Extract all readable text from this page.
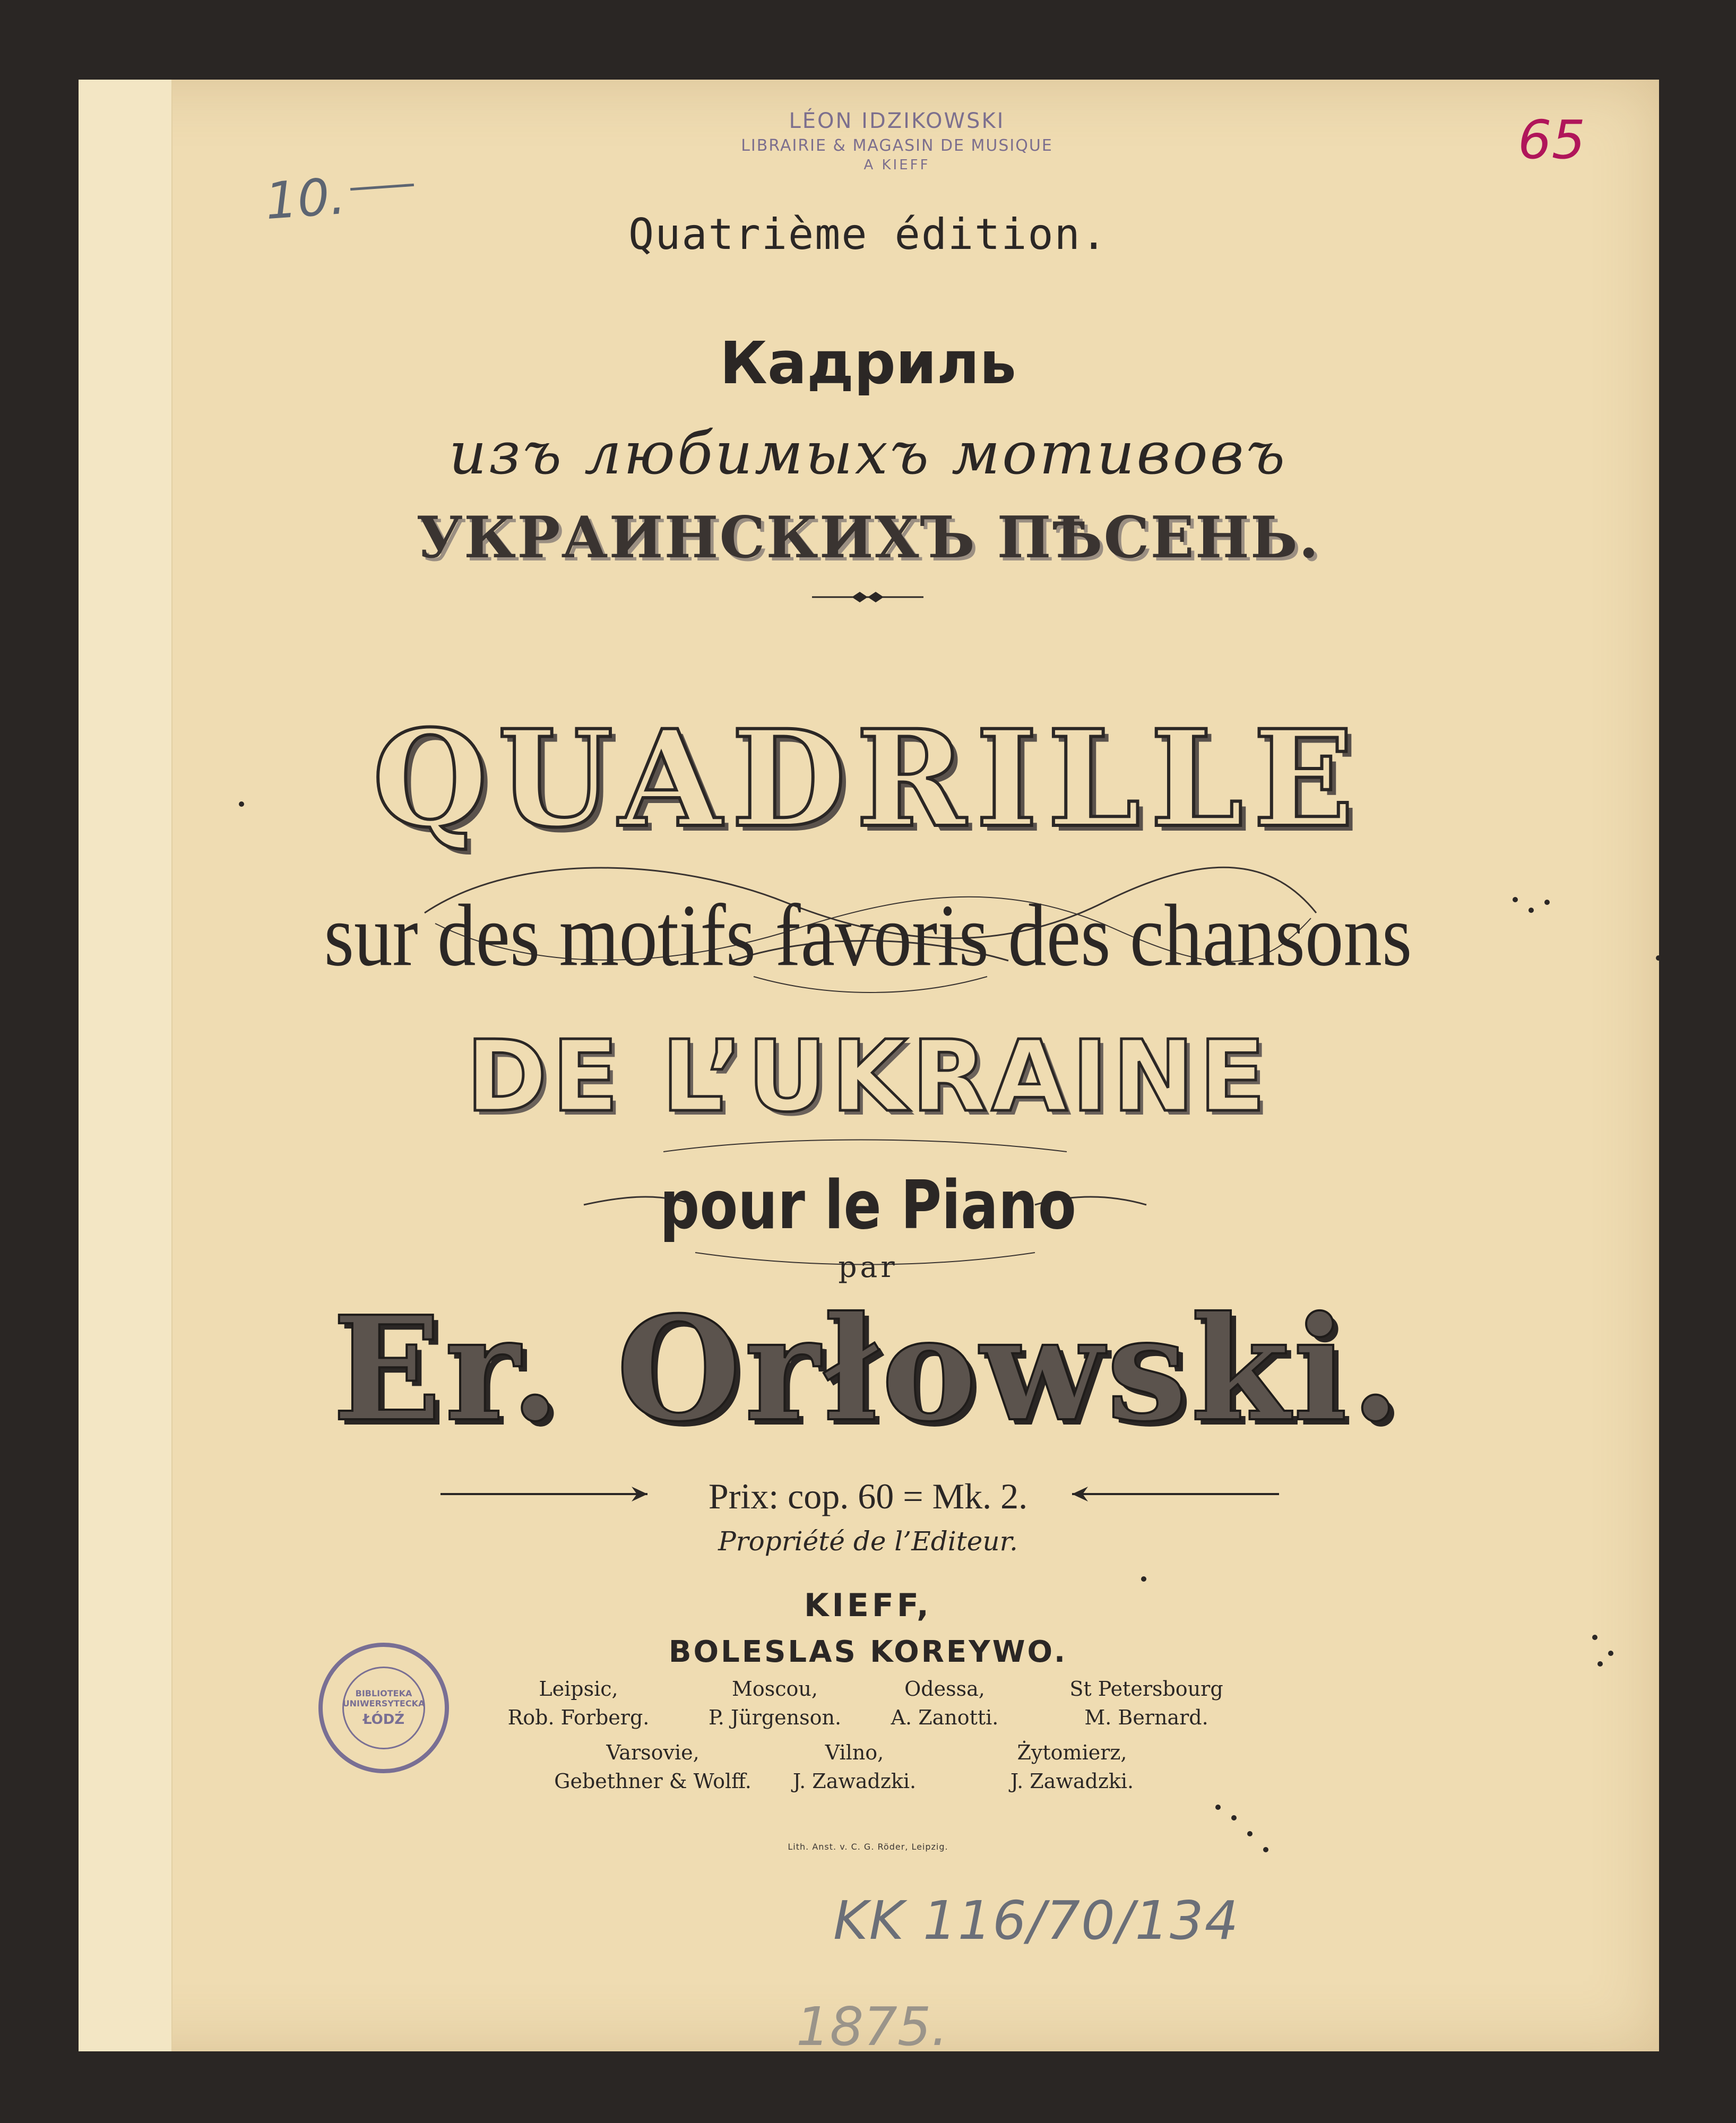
LÉON IDZIKOWSKI
LIBRAIRIE & MAGASIN DE MUSIQUE
A KIEFF
10.
65
Quatrième édition.
Кадриль
изъ любимыхъ мотивовъ
УКРАИНСКИХЪ ПѢСЕНЬ.
QUADRILLE
sur des motifs favoris des chansons
DE L’UKRAINE
pour le Piano
par
Er. Orłowski.
Prix: cop. 60 = Mk. 2.
Propriété de l’Editeur.
KIEFF,
BOLESLAS KOREYWO.
Leipsic,
Rob. Forberg.
Moscou,
P. Jürgenson.
Odessa,
A. Zanotti.
St Petersbourg
M. Bernard.
Varsovie,
Gebethner & Wolff.
Vilno,
J. Zawadzki.
Żytomierz,
J. Zawadzki.
BIBLIOTEKA UNIWERSYTECKA
ŁÓDŹ
Lith. Anst. v. C. G. Röder, Leipzig.
KK 116/70/134
1875.
